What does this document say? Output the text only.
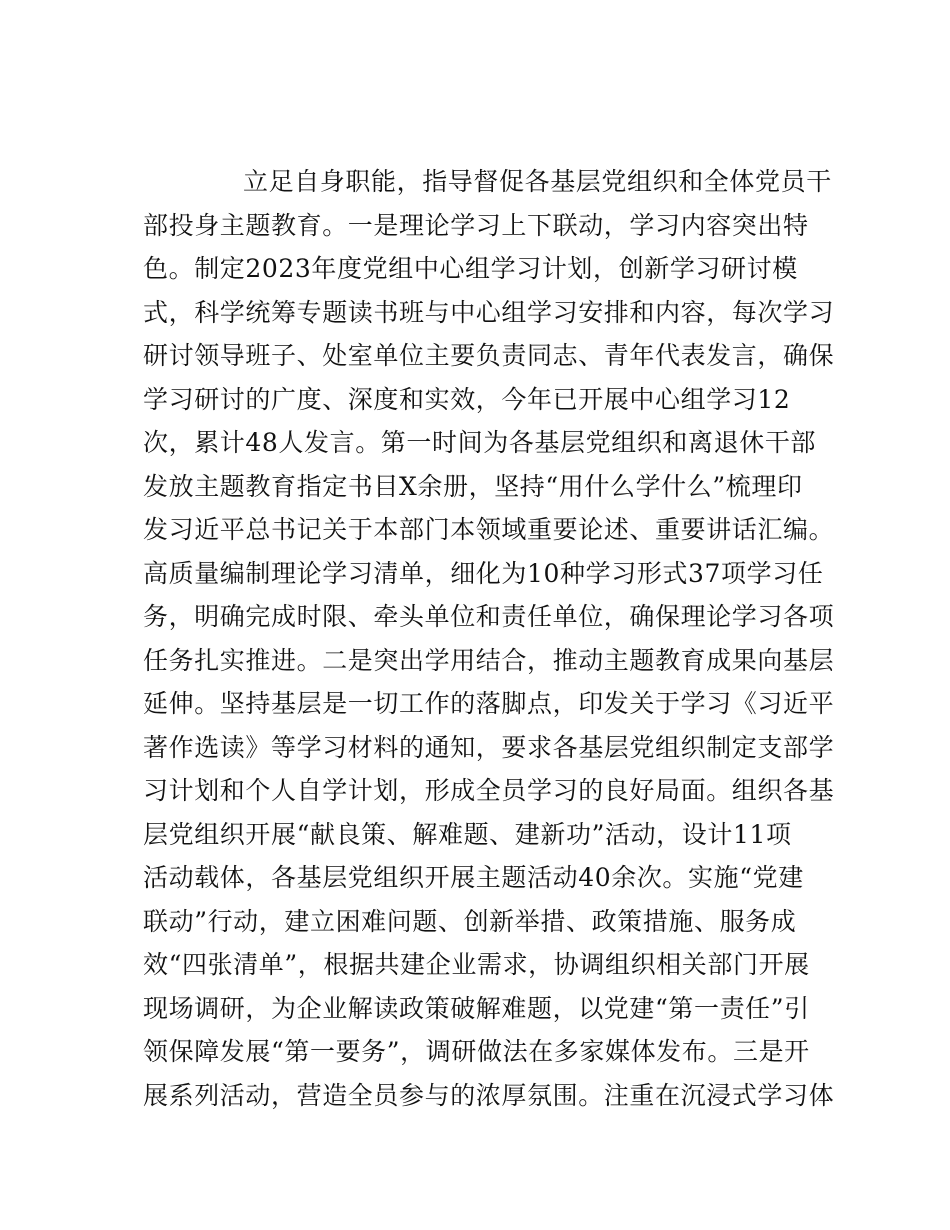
立足自身职能，指导督促各基层党组织和全体党员干
部投身主题教育。一是理论学习上下联动，学习内容突出特
色。制定2023年度党组中心组学习计划，创新学习研讨模
式，科学统筹专题读书班与中心组学习安排和内容，每次学习
研讨领导班子、处室单位主要负责同志、青年代表发言，确保
学习研讨的广度、深度和实效，今年已开展中心组学习12
次，累计48人发言。第一时间为各基层党组织和离退休干部
发放主题教育指定书目X余册，坚持“用什么学什么”梳理印
发习近平总书记关于本部门本领域重要论述、重要讲话汇编。
高质量编制理论学习清单，细化为10种学习形式37项学习任
务，明确完成时限、牵头单位和责任单位，确保理论学习各项
任务扎实推进。二是突出学用结合，推动主题教育成果向基层
延伸。坚持基层是一切工作的落脚点，印发关于学习《习近平
著作选读》等学习材料的通知，要求各基层党组织制定支部学
习计划和个人自学计划，形成全员学习的良好局面。组织各基
层党组织开展“献良策、解难题、建新功”活动，设计11项
活动载体，各基层党组织开展主题活动40余次。实施“党建
联动”行动，建立困难问题、创新举措、政策措施、服务成
效“四张清单”，根据共建企业需求，协调组织相关部门开展
现场调研，为企业解读政策破解难题，以党建“第一责任”引
领保障发展“第一要务”，调研做法在多家媒体发布。三是开
展系列活动，营造全员参与的浓厚氛围。注重在沉浸式学习体
